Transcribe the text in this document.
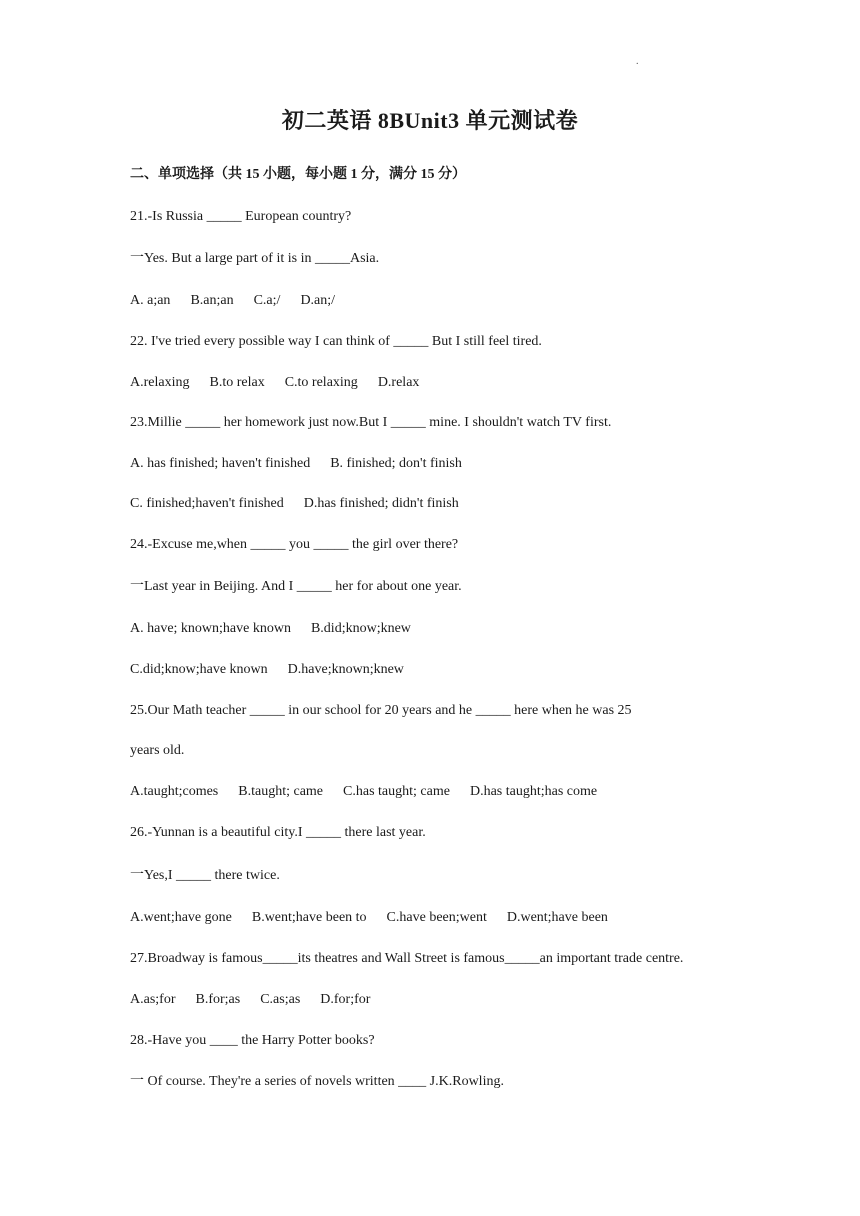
.
初二英语 8BUnit3 单元测试卷
二、单项选择（共 15 小题，每小题 1 分，满分 15 分）
21.-Is Russia _____ European country?
一Yes. But a large part of it is in _____Asia.
A. a;an B.an;an C.a;/ D.an;/
22. I've tried every possible way I can think of _____ But I still feel tired.
A.relaxing B.to relax C.to relaxing D.relax
23.Millie _____ her homework just now.But I _____ mine. I shouldn't watch TV first.
A. has finished; haven't finished B. finished; don't finish
C. finished;haven't finished D.has finished; didn't finish
24.-Excuse me,when _____ you _____ the girl over there?
一Last year in Beijing. And I _____ her for about one year.
A. have; known;have known B.did;know;knew
C.did;know;have known D.have;known;knew
25.Our Math teacher _____ in our school for 20 years and he _____ here when he was 25
years old.
A.taught;comes B.taught; came C.has taught; came D.has taught;has come
26.-Yunnan is a beautiful city.I _____ there last year.
一Yes,I _____ there twice.
A.went;have gone B.went;have been to C.have been;went D.went;have been
27.Broadway is famous_____its theatres and Wall Street is famous_____an important trade centre.
A.as;for B.for;as C.as;as D.for;for
28.-Have you ____ the Harry Potter books?
一 Of course. They're a series of novels written ____ J.K.Rowling.
